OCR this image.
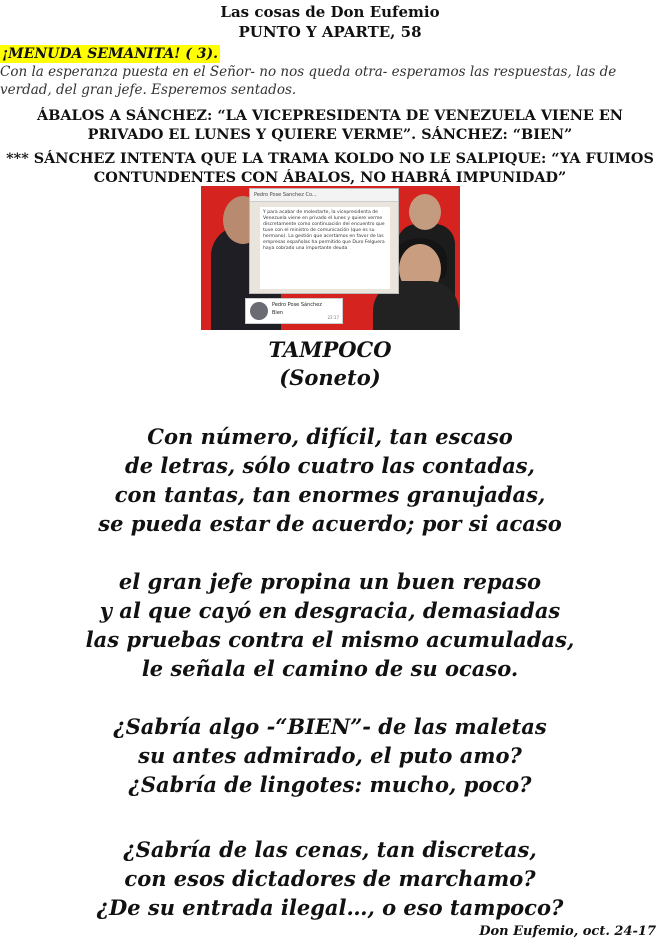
Las cosas de Don Eufemio
PUNTO Y APARTE, 58
¡MENUDA SEMANITA! ( 3).
Con la esperanza puesta en el Señor- no nos queda otra- esperamos las respuestas, las de verdad, del gran jefe. Esperemos sentados.
ÁBALOS A SÁNCHEZ: “LA VICEPRESIDENTA DE VENEZUELA VIENE EN PRIVADO EL LUNES Y QUIERE VERME”. SÁNCHEZ: “BIEN”
*** SÁNCHEZ INTENTA QUE LA TRAMA KOLDO NO LE SALPIQUE: “YA FUIMOS CONTUNDENTES CON ÁBALOS, NO HABRÁ IMPUNIDAD”
Pedro Pose Sanchez Co...
Y para acabar de molestarte, la vicepresidenta de Venezuela viene en privado el lunes y quiere verme discretamente como continuación del encuentro que tuve con el ministro de comunicación (que es su hermano). La gestión que acertamos en favor de las empresas españolas ha permitido que Duro Felguera haya cobrado una importante deuda
Pedro Pose Sánchez
Bien
22:17
TAMPOCO
(Soneto)
Con número, difícil, tan escaso
de letras, sólo cuatro las contadas,
con tantas, tan enormes granujadas,
se pueda estar de acuerdo; por si acaso
el gran jefe propina un buen repaso
y al que cayó en desgracia, demasiadas
las pruebas contra el mismo acumuladas,
le señala el camino de su ocaso.
¿Sabría algo -“BIEN”- de las maletas
su antes admirado, el puto amo?
¿Sabría de lingotes: mucho, poco?
¿Sabría de las cenas, tan discretas,
con esos dictadores de marchamo?
¿De su entrada ilegal…, o eso tampoco?
Don Eufemio, oct. 24-17
